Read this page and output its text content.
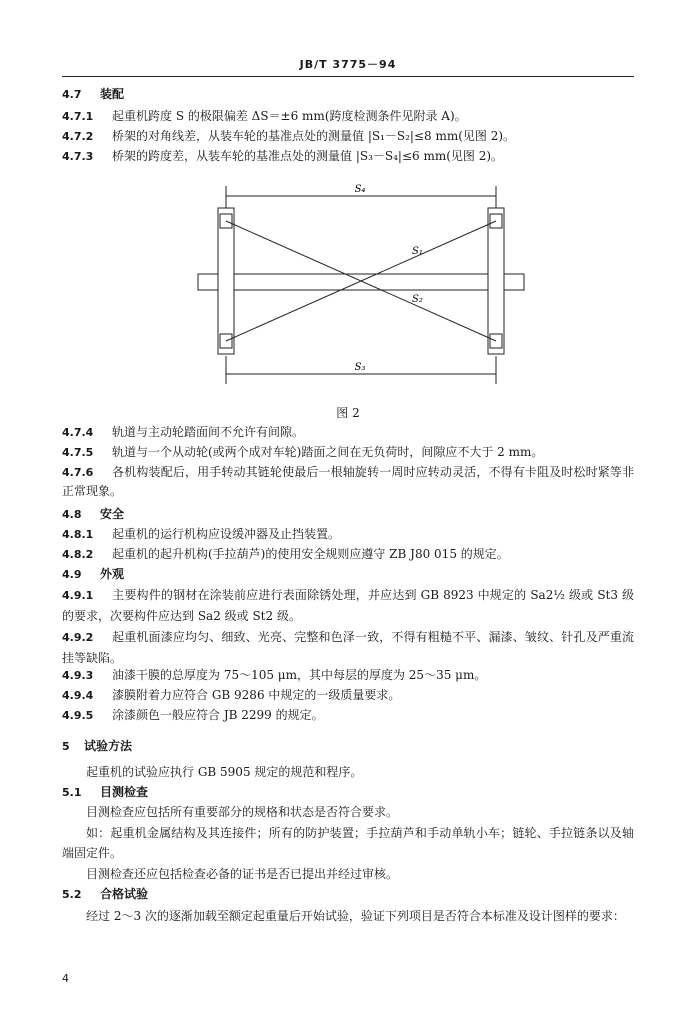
JB/T 3775－94
4.7 装配
4.7.1 起重机跨度 S 的极限偏差 ΔS＝±6 mm(跨度检测条件见附录 A)。
4.7.2 桥架的对角线差，从装车轮的基准点处的测量值 |S₁－S₂|≤8 mm(见图 2)。
4.7.3 桥架的跨度差，从装车轮的基准点处的测量值 |S₃－S₄|≤6 mm(见图 2)。
S₄
S₁
S₂
S₃
图 2
4.7.4 轨道与主动轮踏面间不允许有间隙。
4.7.5 轨道与一个从动轮(或两个成对车轮)踏面之间在无负荷时，间隙应不大于 2 mm。
4.7.6 各机构装配后，用手转动其链轮使最后一根轴旋转一周时应转动灵活，不得有卡阻及时松时紧等非正常现象。
4.8 安全
4.8.1 起重机的运行机构应设缓冲器及止挡装置。
4.8.2 起重机的起升机构(手拉葫芦)的使用安全规则应遵守 ZB J80 015 的规定。
4.9 外观
4.9.1 主要构件的钢材在涂装前应进行表面除锈处理，并应达到 GB 8923 中规定的 Sa2½ 级或 St3 级的要求，次要构件应达到 Sa2 级或 St2 级。
4.9.2 起重机面漆应均匀、细致、光亮、完整和色泽一致，不得有粗糙不平、漏漆、皱纹、针孔及严重流挂等缺陷。
4.9.3 油漆干膜的总厚度为 75～105 μm，其中每层的厚度为 25～35 μm。
4.9.4 漆膜附着力应符合 GB 9286 中规定的一级质量要求。
4.9.5 涂漆颜色一般应符合 JB 2299 的规定。
5 试验方法
起重机的试验应执行 GB 5905 规定的规范和程序。
5.1 目测检查
目测检查应包括所有重要部分的规格和状态是否符合要求。
如：起重机金属结构及其连接件；所有的防护装置；手拉葫芦和手动单轨小车；链轮、手拉链条以及轴端固定件。
目测检查还应包括检查必备的证书是否已提出并经过审核。
5.2 合格试验
经过 2～3 次的逐渐加载至额定起重量后开始试验，验证下列项目是否符合本标准及设计图样的要求：
4
